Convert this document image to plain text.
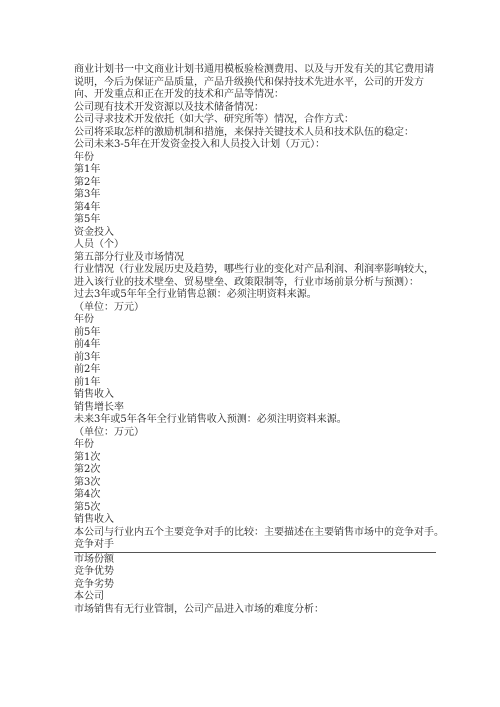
商业计划书一中文商业计划书通用模板验检测费用、以及与开发有关的其它费用请说明，今后为保证产品质量，产品升级换代和保持技术先进水平，公司的开发方向、开发重点和正在开发的技术和产品等情况：
公司现有技术开发资源以及技术储备情况：
公司寻求技术开发依托（如大学、研究所等）情况，合作方式：
公司将采取怎样的激励机制和措施，来保持关键技术人员和技术队伍的稳定：
公司未来3-5年在开发资金投入和人员投入计划（万元）：
年份
第1年
第2年
第3年
第4年
第5年
资金投入
人员（个）
第五部分行业及市场情况
行业情况（行业发展历史及趋势，哪些行业的变化对产品利润、利润率影响较大，进入该行业的技术壁垒、贸易壁垒、政策限制等，行业市场前景分析与预测）：
过去3年或5年年全行业销售总额：必须注明资料来源。
（单位：万元）
年份
前5年
前4年
前3年
前2年
前1年
销售收入
销售增长率
未来3年或5年各年全行业销售收入预测：必须注明资料来源。
（单位：万元）
年份
第1次
第2次
第3次
第4次
第5次
销售收入
本公司与行业内五个主要竞争对手的比较：主要描述在主要销售市场中的竞争对手。
竞争对手
市场份额
竞争优势
竞争劣势
本公司
市场销售有无行业管制，公司产品进入市场的难度分析：
